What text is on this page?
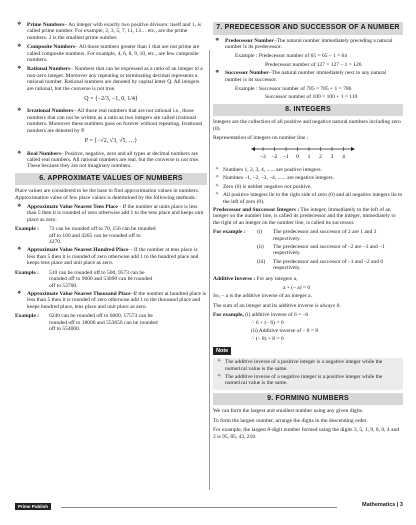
❖ Prime Numbers– An integer with exactly two positive divisors: itself and 1, is called prime number. For example, 2, 3, 5, 7, 11, 13… etc., are the prime numbers. 2 is the smallest prime number.
❖ Composite Numbers– All those numbers greater than 1 that are not prime are called composite numbers. For example, 4, 6, 8, 9, 10, etc., are few composite numbers.
❖ Rational Numbers– Numbers that can be expressed as a ratio of an integer to a non-zero integer. Moreover any repeating or terminating decimal represents a rational number. Rational numbers are denoted by capital letter Q. All integers are rational, but the converse is not true.
Q = {−2/3, −1, 0, 1/4}
❖ Irrational Numbers– All those real numbers that are not rational i.e., those numbers that can not be written as a ratio as two integers are called irrational numbers. Moreover these numbers goes on forever without repeating. Irrational numbers are denoted by P.
P = {−√2, √3, √5, …}
❖ Real Numbers– Positive, negative, zero and all types at decimal numbers are called real numbers. All rational numbers are real, but the converse is not true. These because they are not imaginary numbers.
6. APPROXIMATE VALUES OF NUMBERS

Place values are considered to be the base to find approximation values in numbers. Approximation value of few place values is determined by the following methods :

❖ Approximate Value Nearest Tens Place - If the number at units place is less than 5 then it is rounded of zero otherwise add 1 to the tens place and keeps unit place as zero.
Example :	73 can be rounded off to 70, 156 can be rounded
off to 160 and 4265 can be rounded off to
4270.
❖ Approximate Value Nearest Hundred Place – If the number at tens place is less than 5 then it is rounded of zero otherwise add 1 to the hundred place and keeps tens place and unit place as zero.
Example :	510 can be rounded off to 500, 9573 can be
rounded off to 9600 and 53690 can be rounded
off to 53700.
❖ Approximate Value Nearest Thousand Place–If the number at hundred place is less than 5 then it is rounded of zero otherwise add 1 to the thousand place and keeps hundred place, tens place and unit place as zero.
Example :	6240 can be rounded off to 6000, 17573 can be
rounded off to 18000 and 553650 can be rounded
off to 554000.
7. PREDECESSOR AND SUCCESSOR OF A NUMBER
❖ Predecessor Number–The natural number immediately preceding a natural number is its predecessor.

Example : Predecessor number of 65 = 65 – 1 = 64

Predecessor number of 127 = 127 – 1 = 126

❖ Successor Number–The natural number immediately next to any natural number is its successor.

Example : Successor number of 785 = 785 + 1 = 786

Successor number of 100 = 100 + 1 = 110

8. INTEGERS

Integers are the collection of all positive and negative natural numbers including zero (0).

Representation of integers on number line :

–3 –2 –1 0 1 2 3 4
✧ Numbers 1, 2, 3, 4, ...... are positive integers.
✧ Numbers –1, –2, –3, –4, ...... are negative integers.
✧ Zero (0) is neither negative nor positive.
✧ All positive integers lie to the right side of zero (0) and all negative integers lie to the left of zero (0).

Predecessor and Successor Integers : The integer, immediately to the left of an integer on the number line, is called its predecessor and the integer, immediately to the right of an integer on the number line, is called its successor.

For example :	(i)	The predecessor and successor of 2 are 1 and 3 respectively.
(ii)	The predecessor and successor of –2 are –3 and –1 respectively.
(iii)	The predecessor and successor of –1 and –2 and 0 respectively.

Additive Inverse : For any integers a,

a + (– a) = 0

So, – a is the additive inverse of an integer a.

The sum of an integer and its additive inverse is always 0.

For example, (i) additive inverse of 6 = –6

∴ 6 + (– 6) = 0

(ii) Additive inverse of – 8 = 8

∴ (– 8) + 8 = 0

Note
✧ The additive inverse of a positive integer is a negative integer while the numerical value is the same.
✧ The additive inverse of a negative integer is a positive integer while the numerical value is the same.
9. FORMING NUMBERS

We can form the largest and smallest number using any given digits.

To form the largest number, arrange the digits in the descending order.

For example, the largest 8-digit number formed using the digits 3, 5, 1, 9, 8, 0, 4 and 2 is 95, 85, 43, 210.

Prime Publish	Mathematics | 3
